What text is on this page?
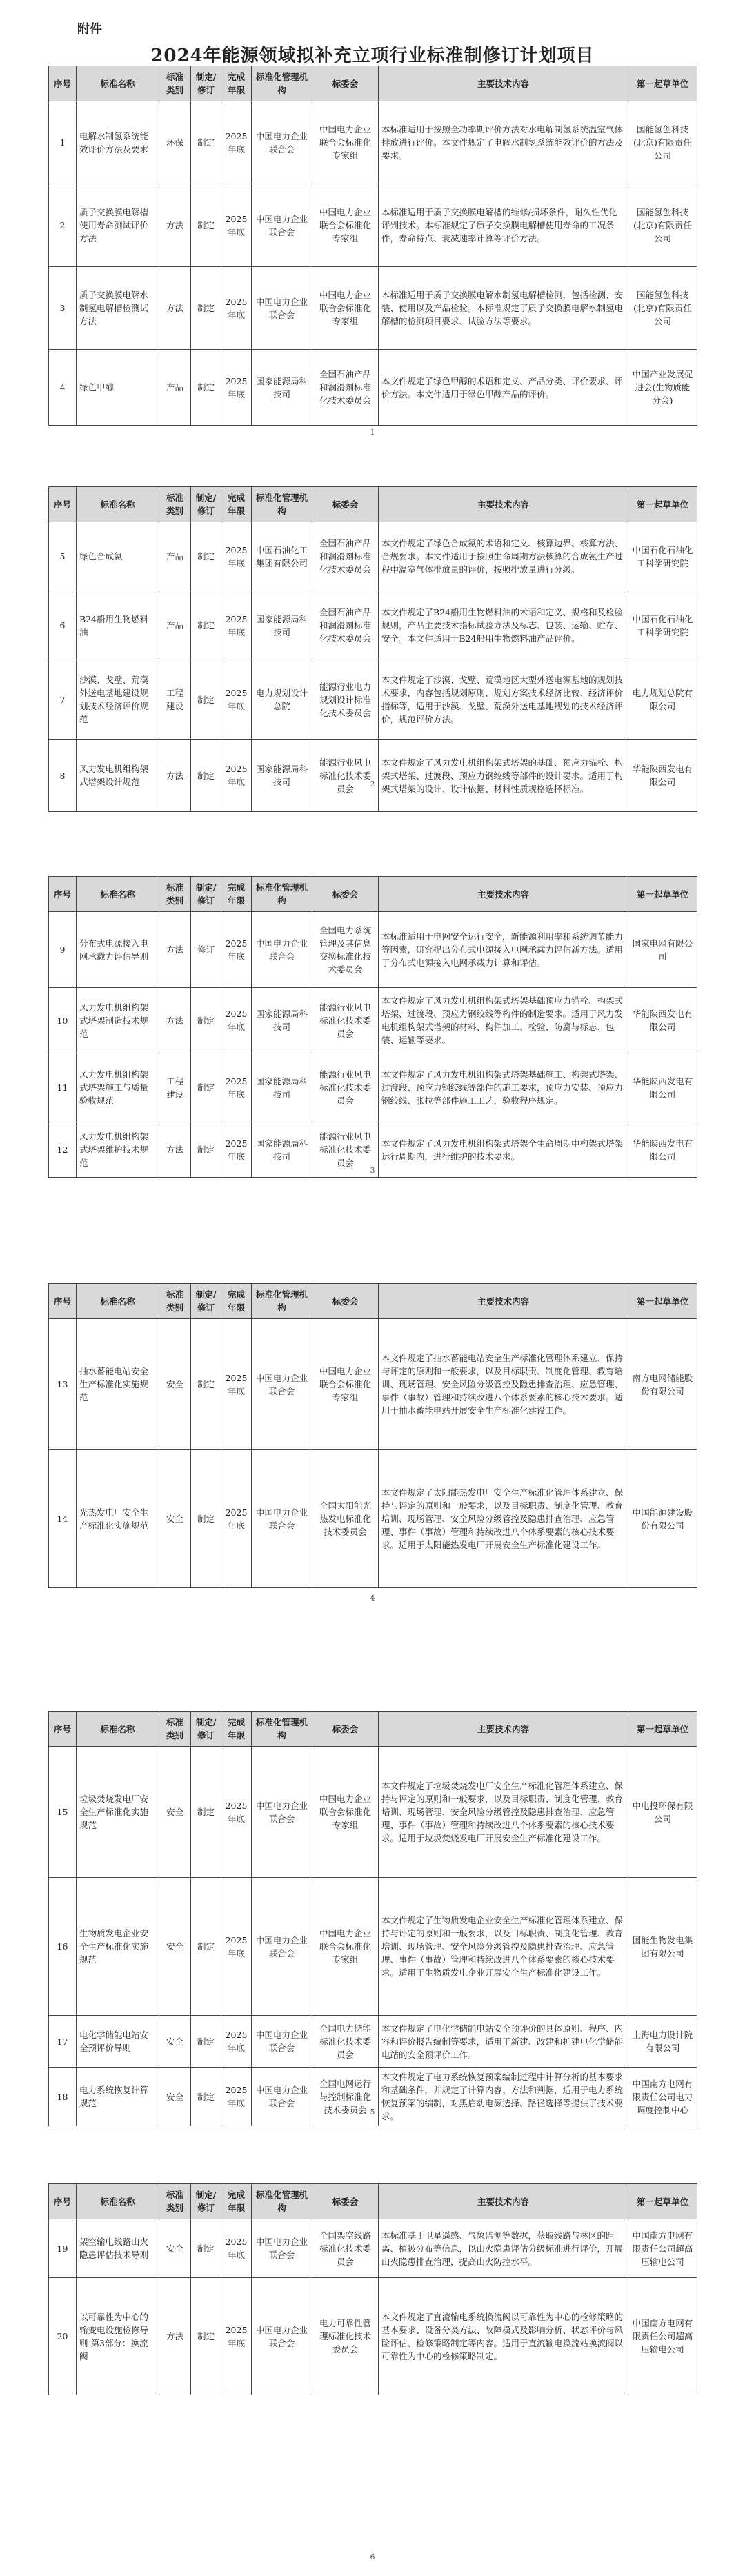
附件
2024年能源领域拟补充立项行业标准制修订计划项目
序号	标准名称	标准类别	制定/修订	完成年限	标准化管理机构	标委会	主要技术内容	第一起草单位
1	电解水制氢系统能效评价方法及要求	环保	制定	2025年底	中国电力企业联合会	中国电力企业联合会标准化专家组	本标准适用于按照全功率期评价方法对水电解制氢系统温室气体排放进行评价。本文件规定了电解水制氢系统能效评价的方法及要求。	国能氢创科技(北京)有限责任公司
2	质子交换膜电解槽使用寿命测试评价方法	方法	制定	2025年底	中国电力企业联合会	中国电力企业联合会标准化专家组	本标准适用于质子交换膜电解槽的维修/损坏条件，耐久性优化评判技术。本标准规定了质子交换膜电解槽使用寿命的工况条件，寿命特点、衰减速率计算等评价方法。	国能氢创科技(北京)有限责任公司
3	质子交换膜电解水制氢电解槽检测试方法	方法	制定	2025年底	中国电力企业联合会	中国电力企业联合会标准化专家组	本标准适用于质子交换膜电解水制氢电解槽检测，包括检测、安装、使用以及产品检验。本标准规定了质子交换膜电解水制氢电解槽的检测项目要求、试验方法等要求。	国能氢创科技(北京)有限责任公司
4	绿色甲醇	产品	制定	2025年底	国家能源局科技司	全国石油产品和润滑剂标准化技术委员会	本文件规定了绿色甲醇的术语和定义、产品分类、评价要求、评价方法。本文件适用于绿色甲醇产品的评价。	中国产业发展促进会(生物质能分会)
1
序号	标准名称	标准类别	制定/修订	完成年限	标准化管理机构	标委会	主要技术内容	第一起草单位
5	绿色合成氨	产品	制定	2025年底	中国石油化工集团有限公司	全国石油产品和润滑剂标准化技术委员会	本文件规定了绿色合成氨的术语和定义、核算边界、核算方法、合规要求。本文件适用于按照生命周期方法核算的合成氨生产过程中温室气体排放量的评价，按照排放量进行分级。	中国石化石油化工科学研究院
6	B24船用生物燃料油	产品	制定	2025年底	国家能源局科技司	全国石油产品和润滑剂标准化技术委员会	本文件规定了B24船用生物燃料油的术语和定义、规格和及检验规则，产品主要技术指标试验方法及标志、包装、运输、贮存、安全。本文件适用于B24船用生物燃料油产品评价。	中国石化石油化工科学研究院
7	沙漠、戈壁、荒漠外送电基地建设规划技术经济评价规范	工程建设	制定	2025年底	电力规划设计总院	能源行业电力规划设计标准化技术委员会	本文件规定了沙漠、戈壁、荒漠地区大型外送电源基地的规划技术要求，内容包括规划原则、规划方案技术经济比较、经济评价指标等，适用于沙漠、戈壁、荒漠外送电基地规划的技术经济评价，规范评价方法。	电力规划总院有限公司
8	风力发电机组构架式塔架设计规范	方法	制定	2025年底	国家能源局科技司	能源行业风电标准化技术委员会	本文件规定了风力发电机组构架式塔架的基础、预应力锚栓、构架式塔架、过渡段、预应力钢绞线等部件的设计要求。适用于构架式塔架的设计、设计依据、材料性质规格选择标准。	华能陕西发电有限公司
2
序号	标准名称	标准类别	制定/修订	完成年限	标准化管理机构	标委会	主要技术内容	第一起草单位
9	分布式电源接入电网承载力评估导则	方法	修订	2025年底	中国电力企业联合会	全国电力系统管理及其信息交换标准化技术委员会	本标准适用于电网安全运行安全，新能源利用率和系统调节能力等因素，研究提出分布式电源接入电网承载力评估新方法。适用于分布式电源接入电网承载力计算和评估。	国家电网有限公司
10	风力发电机组构架式塔架制造技术规范	方法	制定	2025年底	国家能源局科技司	能源行业风电标准化技术委员会	本文件规定了风力发电机组构架式塔架基础预应力锚栓、构架式塔架、过渡段、预应力钢绞线等构件的制造要求。适用于风力发电机组构架式塔架的材料、构件加工、检验、防腐与标志、包装、运输等要求。	华能陕西发电有限公司
11	风力发电机组构架式塔架施工与质量验收规范	工程建设	制定	2025年底	国家能源局科技司	能源行业风电标准化技术委员会	本文件规定了风力发电机组构架式塔架基础施工、构架式塔架、过渡段、预应力钢绞线等部件的施工要求，预应力安装、预应力钢绞线、张拉等部件施工工艺，验收程序规定。	华能陕西发电有限公司
12	风力发电机组构架式塔架维护技术规范	方法	制定	2025年底	国家能源局科技司	能源行业风电标准化技术委员会	本文件规定了风力发电机组构架式塔架全生命周期中构架式塔架运行周期内，进行维护的技术要求。	华能陕西发电有限公司
3
序号	标准名称	标准类别	制定/修订	完成年限	标准化管理机构	标委会	主要技术内容	第一起草单位
13	抽水蓄能电站安全生产标准化实施规范	安全	制定	2025年底	中国电力企业联合会	中国电力企业联合会标准化专家组	本文件规定了抽水蓄能电站安全生产标准化管理体系建立、保持与评定的原则和一般要求，以及目标职责、制度化管理、教育培训、现场管理、安全风险分级管控及隐患排查治理、应急管理、事件（事故）管理和持续改进八个体系要素的核心技术要求。适用于抽水蓄能电站开展安全生产标准化建设工作。	南方电网储能股份有限公司
14	光热发电厂安全生产标准化实施规范	安全	制定	2025年底	中国电力企业联合会	全国太阳能光热发电标准化技术委员会	本文件规定了太阳能热发电厂安全生产标准化管理体系建立、保持与评定的原则和一般要求，以及目标职责、制度化管理、教育培训、现场管理、安全风险分级管控及隐患排查治理、应急管理、事件（事故）管理和持续改进八个体系要素的核心技术要求。适用于太阳能热发电厂开展安全生产标准化建设工作。	中国能源建设股份有限公司
4
序号	标准名称	标准类别	制定/修订	完成年限	标准化管理机构	标委会	主要技术内容	第一起草单位
15	垃圾焚烧发电厂安全生产标准化实施规范	安全	制定	2025年底	中国电力企业联合会	中国电力企业联合会标准化专家组	本文件规定了垃圾焚烧发电厂安全生产标准化管理体系建立、保持与评定的原则和一般要求，以及目标职责、制度化管理、教育培训、现场管理、安全风险分级管控及隐患排查治理、应急管理、事件（事故）管理和持续改进八个体系要素的核心技术要求。适用于垃圾焚烧发电厂开展安全生产标准化建设工作。	中电投环保有限公司
16	生物质发电企业安全生产标准化实施规范	安全	制定	2025年底	中国电力企业联合会	中国电力企业联合会标准化专家组	本文件规定了生物质发电企业安全生产标准化管理体系建立、保持与评定的原则和一般要求，以及目标职责、制度化管理、教育培训、现场管理、安全风险分级管控及隐患排查治理、应急管理、事件（事故）管理和持续改进八个体系要素的核心技术要求。适用于生物质发电企业开展安全生产标准化建设工作。	国能生物发电集团有限公司
17	电化学储能电站安全预评价导则	安全	制定	2025年底	中国电力企业联合会	全国电力储能标准化技术委员会	本文件规定了电化学储能电站安全预评价的具体原则、程序、内容和评价报告编制等要求，适用于新建、改建和扩建电化学储能电站的安全预评价工作。	上海电力设计院有限公司
18	电力系统恢复计算规范	安全	制定	2025年底	中国电力企业联合会	全国电网运行与控制标准化技术委员会	本文件规定了电力系统恢复预案编制过程中计算分析的基本要求和基础条件，并规定了计算内容、方法和判据，适用于电力系统恢复预案的编制，对黑启动电源选择、路径选择等提供了技术要求。	中国南方电网有限责任公司电力调度控制中心
5
序号	标准名称	标准类别	制定/修订	完成年限	标准化管理机构	标委会	主要技术内容	第一起草单位
19	架空输电线路山火隐患评估技术导则	安全	制定	2025年底	中国电力企业联合会	全国架空线路标准化技术委员会	本标准基于卫星遥感、气象监测等数据，获取线路与林区的距离、植被分布等信息，以山火隐患评估分级标准进行评价，开展山火隐患排查治理，提高山火防控水平。	中国南方电网有限责任公司超高压输电公司
20	以可靠性为中心的输变电设施检修导则 第3部分：换流阀	方法	制定	2025年底	中国电力企业联合会	电力可靠性管理标准化技术委员会	本文件规定了直流输电系统换流阀以可靠性为中心的检修策略的基本要求、设备分类方法、故障模式及影响分析、状态评价与风险评估、检修策略制定等内容。适用于直流输电换流站换流阀以可靠性为中心的检修策略制定。	中国南方电网有限责任公司超高压输电公司
6
